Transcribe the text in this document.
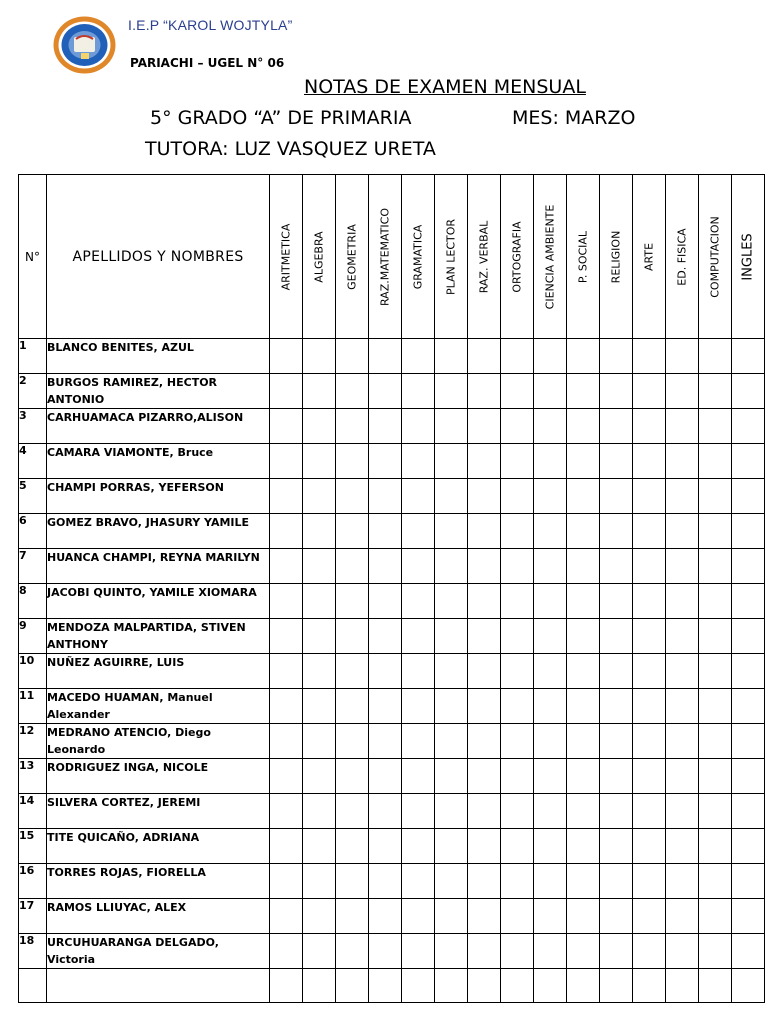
I.E.P “KAROL WOJTYLA”
PARIACHI – UGEL N° 06
NOTAS DE EXAMEN MENSUAL
5° GRADO “A” DE PRIMARIA	MES: MARZO
TUTORA: LUZ VASQUEZ URETA
N°	APELLIDOS Y NOMBRES	ARITMETICA	ALGEBRA	GEOMETRIA	RAZ.MATEMATICO	GRAMATICA	PLAN LECTOR	RAZ. VERBAL	ORTOGRAFIA	CIENCIA AMBIENTE	P. SOCIAL	RELIGION	ARTE	ED. FISICA	COMPUTACION	INGLES

1	BLANCO BENITES, AZUL															
2	BURGOS RAMIREZ, HECTOR ANTONIO															
3	CARHUAMACA PIZARRO,ALISON															
4	CAMARA VIAMONTE, Bruce															
5	CHAMPI PORRAS, YEFERSON															
6	GOMEZ BRAVO, JHASURY YAMILE															
7	HUANCA CHAMPI, REYNA MARILYN															
8	JACOBI QUINTO, YAMILE XIOMARA															
9	MENDOZA MALPARTIDA, STIVEN ANTHONY															
10	NUÑEZ AGUIRRE, LUIS															
11	MACEDO HUAMAN, Manuel Alexander															
12	MEDRANO ATENCIO, Diego Leonardo															
13	RODRIGUEZ INGA, NICOLE															
14	SILVERA CORTEZ, JEREMI															
15	TITE QUICAÑO, ADRIANA															
16	TORRES ROJAS, FIORELLA															
17	RAMOS LLIUYAC, ALEX															
18	URCUHUARANGA DELGADO, Victoria															
